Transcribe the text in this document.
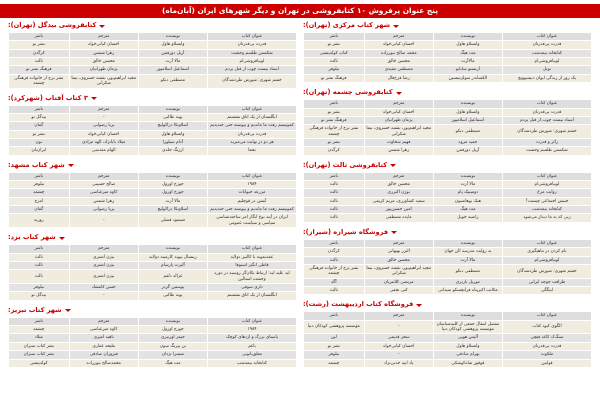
پنج عنوان پرفروش ۱۰ کتابفروشی در تهران و دیگر شهرهای ایران (آبان‌ماه)
شهر کتاب مرکزی (تهران):
عنوان کتاب	نویسنده	مترجم	ناشر
قدرت بی‌قدرتان	واتسلاو هاول	احسان کیانی‌خواه	نشر نو
کتابخانه نیمه‌شب	مت هیگ	محمد صالح نیورزاده	کتاب کوله‌پشتی
لوبیا‌فروشی‌ام	مالاآرت	محسن خالق	ثالث
تونل	ارنستو ساباتو	مصطفی مفیدی	نیلوفر
یک روز از زندگی ایوان دنیسوویچ	الکساندر سولژنیتسین	رضا فرخ‌فال	فرهنگ نشر نو
کتابفروشی چشمه (تهران):
عنوان کتاب	نویسنده	مترجم	ناشر
قدرت بی‌قدرتان	واتسلاو هاول	احسان کیانی‌خواه	نشر نو
استاد بیست چوب از قبل بردم	اسماعیل اسلامپور	پژمان طهرانیان	فرهنگ نشر نو
خشم شهری: شورش طردشدگان	مصطفی دبکو	مجید ابراهیم‌پور، نقشه خسروی، نیما شکرانی	نشر برج از خانواده فرهنگی چشمه
زائر و قدرت	حمید مروه	فهیم سخاوت	نشر نو
شکستن طلسم وحشت	آریل دورفمن	زهرا شمس	کرگدن
کتابفروشی ثالث (تهران):
عنوان کتاب	نویسنده	مترجم	ناشر
لوبیا‌فروشی‌ام	مالا آرت	محسن خالق	ثالث
روایت مرغ	دومینیک پام	نوژن اکبرزی	ثالث
جنبش اجتماعی چیست؟	هنک یوهانسون	سعید کشاورزی، مریم کریمی	ثالث
کتابخانه نیمه‌شب	مت هیگ	امین حسین‌پور	ثالث
زنی که به ما دیدار می‌شود	راضیه خویل	مایده مصطفی	ثالث
فروشگاه شیرازه (شیراز):
عنوان کتاب	نویسنده	مترجم	ناشر
بام کردن در ماهیگیری	به روایت مدرسه الن جهان	البرز بهبهانی	کرگدن
لوبیا‌فروشی‌ام	مالا آرت	محسن خالق	ثالث
خشم شهری: شورش طردشدگان	مصطفی دبکو	مجید ابراهیم‌پور، نقشه خسروی، نیما شکرانی	نشر برج از خانواده فرهنگی چشمه
ظرافت جوجه ایرانی	موریل باربری	مرتضی کلانتریان	آگه
ایتگگی	مکاتب اکبرپناه فرانچسکو سیدانی	کتی نجفی	ثالث
فروشگاه کتاب اردیبهشت (رشت):
عنوان کتاب	نویسنده	مترجم	ناشر
الگوی کبود کتاب	مفصل انتقال جمعی از کلیه‌شناسان مؤسسه پژوهشی کودکان دنیا	-	مؤسسه پژوهشی کودکان دنیا
سنگ‌ک کاغذ قیچی	آلیس هوپی	سحر قدیمی	لین
قدرت بی‌قدرتان	واتسلاو هاول	احسان کیانی‌خواه	نشر نو
ملکوت	بهرام صادقی	-	نیلوفر
قوانین	قوقور شاه‌کوشکی	پاد ابیه خدنی‌نژاد	چشمه
کتابفروشی بیدگل (تهران):
عنوان کتاب	نویسنده	مترجم	ناشر
قدرت بی‌قدرتان	واتسلاو هاول	احسان کیانی‌خواه	نشر نو
شکستن طلسم وحشت	آریل دورفمن	زهرا شمس	کرگدن
لوبیا‌فروشی‌ام	مالا آرت	محسن خالق	ثالث
استاد بیست چوب از قبل بردم	اسماعیل اسلامپور	پژمان طهرانیان	فرهنگ نشر نو
خشم شهری: شورش طردشدگان	مصطفی دبکو	مجید ابراهیم‌پور، نقشه خسروی، نیما شکرانی	نشر برج از خانواده فرهنگی چشمه
۳ کتاب آفتاب (شهرکرد):
عنوان کتاب	نویسنده	مترجم	ناشر
انگلستان از یک اتاق نشستم	پونه طالبی	-	بیدگل نو
کمونیسم رفت ما ماندیم و پیوسته حتی خندیدیم	اسلاونکا دراکولیچ	پریا رضوانی	گمان
قدرت بی‌قدرتان	واتسلاو هاول	احسان کیانی‌خواه	نشر نو
هر دو در نهایت می‌میرند	آدام سیلورا	میلاد بابانژاد، الهه مرادی	نون
نجما	ارژنگ جلدی	الهام مقدسی	ایران‌بان
شهر کتاب مشهد:
عنوان کتاب	نویسنده	مترجم	ناشر
۱۹۸۴	جورج اورول	صالح حسینی	نیلوفر
مزرعه حیوانات	جورج اورول	کاوه میرعباسی	چشمه
آبشن در قوچلیم	مالا آرت	زهرا شمس	امرج
کمونیسم رفت ما ماندیم و پیوسته حتی خندیدیم	اسلاونکا دراکولیچ	پریا رضوانی	گمان
ایران در آینه نوع انگار امر ساخته‌شناسی سیاسی و سیاست عمومی	مسعود فضلی	-	روزنه
شهر کتاب یزد:
عنوان کتاب	نویسنده	مترجم	ناشر
عمه‌نمونه با کالیبر دولایه	ریتسال پیوند کارمینه دولایه	بیژن اشتری	ثالث
قاطی انگیز استوفا	آلبرت پارسام	بیژن اشتری	ثالث
لید علیه لید: ارتباط تکان‌گر روسیه در دوره وحشت استالین	غزاله دلقم	بیژن اشتری	ثالث
داری سوفی	یوستین گردر	حسن کامشاد	نیلوفر
انگلستان از یک اتاق نشستم	پونه طالبی	-	بیدگل نو
شهر کتاب تبریز:
عنوان کتاب	نویسنده	مترجم	ناشر
۱۹۸۴	جورج اورول	کاوه میرعباسی	چشمه
پاستای بزرگ و اژدهای کوچک	جیمز اورنبری	ناهید امیری	میلاد
باغم	بن پیرنگ سون	ملیحه غفاری	نشر کتاب سبزان
معلق‌بانونی	میسرا نژدان	فیروزان صادقی	نشر کتاب سبزان
کتابخانه نیمه‌شب	مت هیگ	محمدصالح نیورزاده	کوله‌پشتی
